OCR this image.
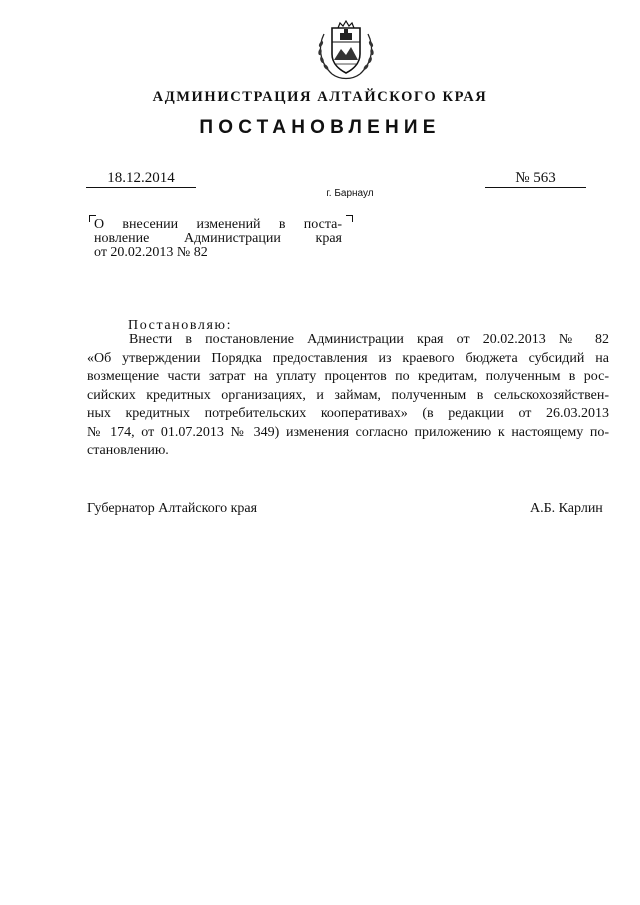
АДМИНИСТРАЦИЯ АЛТАЙСКОГО КРАЯ
ПОСТАНОВЛЕНИЕ
18.12.2014	№ 563
г. Барнаул
О внесении изменений в поста-
новление Администрации края
от 20.02.2013 № 82
Постановляю:
Внести в постановление Администрации края от 20.02.2013 № 82
«Об утверждении Порядка предоставления из краевого бюджета субсидий на
возмещение части затрат на уплату процентов по кредитам, полученным в рос-
сийских кредитных организациях, и займам, полученным в сельскохозяйствен-
ных кредитных потребительских кооперативах» (в редакции от 26.03.2013
№ 174, от 01.07.2013 № 349) изменения согласно приложению к настоящему по-
становлению.
Губернатор Алтайского края	А.Б. Карлин
